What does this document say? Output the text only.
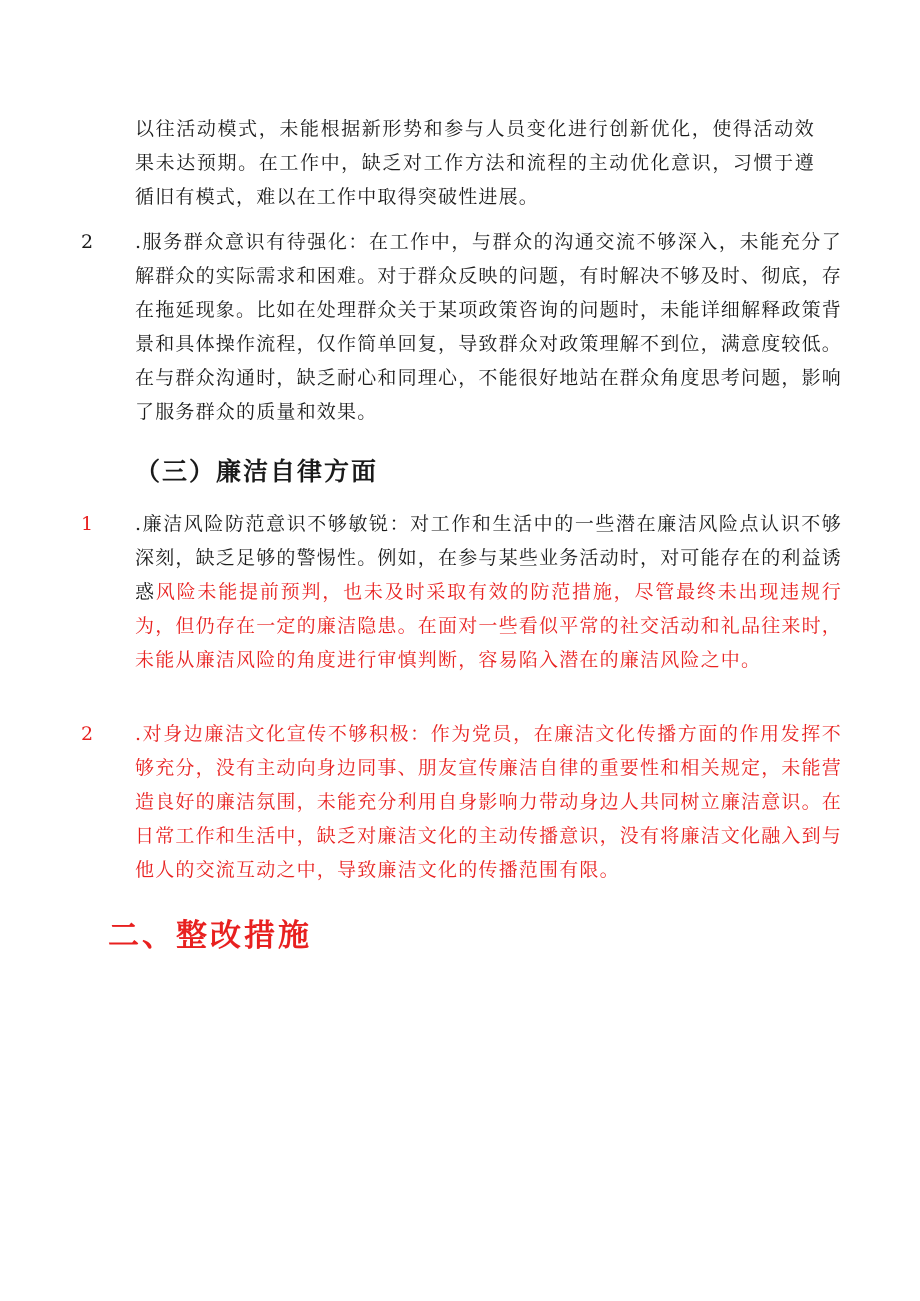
以往活动模式，未能根据新形势和参与人员变化进行创新优化，使得活动效果未达预期。在工作中，缺乏对工作方法和流程的主动优化意识，习惯于遵循旧有模式，难以在工作中取得突破性进展。

2 .服务群众意识有待强化：在工作中，与群众的沟通交流不够深入，未能充分了解群众的实际需求和困难。对于群众反映的问题，有时解决不够及时、彻底，存在拖延现象。比如在处理群众关于某项政策咨询的问题时，未能详细解释政策背景和具体操作流程，仅作简单回复，导致群众对政策理解不到位，满意度较低。在与群众沟通时，缺乏耐心和同理心，不能很好地站在群众角度思考问题，影响了服务群众的质量和效果。

（三）廉洁自律方面

1 .廉洁风险防范意识不够敏锐：对工作和生活中的一些潜在廉洁风险点认识不够深刻，缺乏足够的警惕性。例如，在参与某些业务活动时，对可能存在的利益诱惑风险未能提前预判，也未及时采取有效的防范措施，尽管最终未出现违规行为，但仍存在一定的廉洁隐患。在面对一些看似平常的社交活动和礼品往来时，未能从廉洁风险的角度进行审慎判断，容易陷入潜在的廉洁风险之中。

2 .对身边廉洁文化宣传不够积极：作为党员，在廉洁文化传播方面的作用发挥不够充分，没有主动向身边同事、朋友宣传廉洁自律的重要性和相关规定，未能营造良好的廉洁氛围，未能充分利用自身影响力带动身边人共同树立廉洁意识。在日常工作和生活中，缺乏对廉洁文化的主动传播意识，没有将廉洁文化融入到与他人的交流互动之中，导致廉洁文化的传播范围有限。

二、整改措施
